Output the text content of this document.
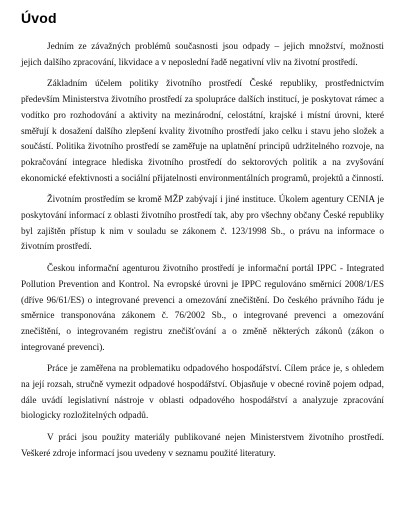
Úvod

Jedním ze závažných problémů současnosti jsou odpady – jejich množství, možnosti jejich dalšího zpracování, likvidace a v neposlední řadě negativní vliv na životní prostředí.

Základním účelem politiky životního prostředí České republiky, prostřednictvím především Ministerstva životního prostředí za spolupráce dalších institucí, je poskytovat rámec a vodítko pro rozhodování a aktivity na mezinárodní, celostátní, krajské i místní úrovni, které směřují k dosažení dalšího zlepšení kvality životního prostředí jako celku i stavu jeho složek a součástí. Politika životního prostředí se zaměřuje na uplatnění principů udržitelného rozvoje, na pokračování integrace hlediska životního prostředí do sektorových politik a na zvyšování ekonomické efektivnosti a sociální přijatelnosti environmentálních programů, projektů a činností.

Životním prostředím se kromě MŽP zabývají i jiné instituce. Úkolem agentury CENIA je poskytování informací z oblasti životního prostředí tak, aby pro všechny občany České republiky byl zajištěn přístup k nim v souladu se zákonem č. 123/1998 Sb., o právu na informace o životním prostředí.

Českou informační agenturou životního prostředí je informační portál IPPC - Integrated Pollution Prevention and Kontrol. Na evropské úrovni je IPPC regulováno směrnicí 2008/1/ES (dříve 96/61/ES) o integrované prevenci a omezování znečištění. Do českého právního řádu je směrnice transponována zákonem č. 76/2002 Sb., o integrované prevenci a omezování znečištění, o integrovaném registru znečišťování a o změně některých zákonů (zákon o integrované prevenci).

Práce je zaměřena na problematiku odpadového hospodářství. Cílem práce je, s ohledem na její rozsah, stručně vymezit odpadové hospodářství. Objasňuje v obecné rovině pojem odpad, dále uvádí legislativní nástroje v oblasti odpadového hospodářství a analyzuje zpracování biologicky rozložitelných odpadů.

V práci jsou použity materiály publikované nejen Ministerstvem životního prostředí. Veškeré zdroje informací jsou uvedeny v seznamu použité literatury.
